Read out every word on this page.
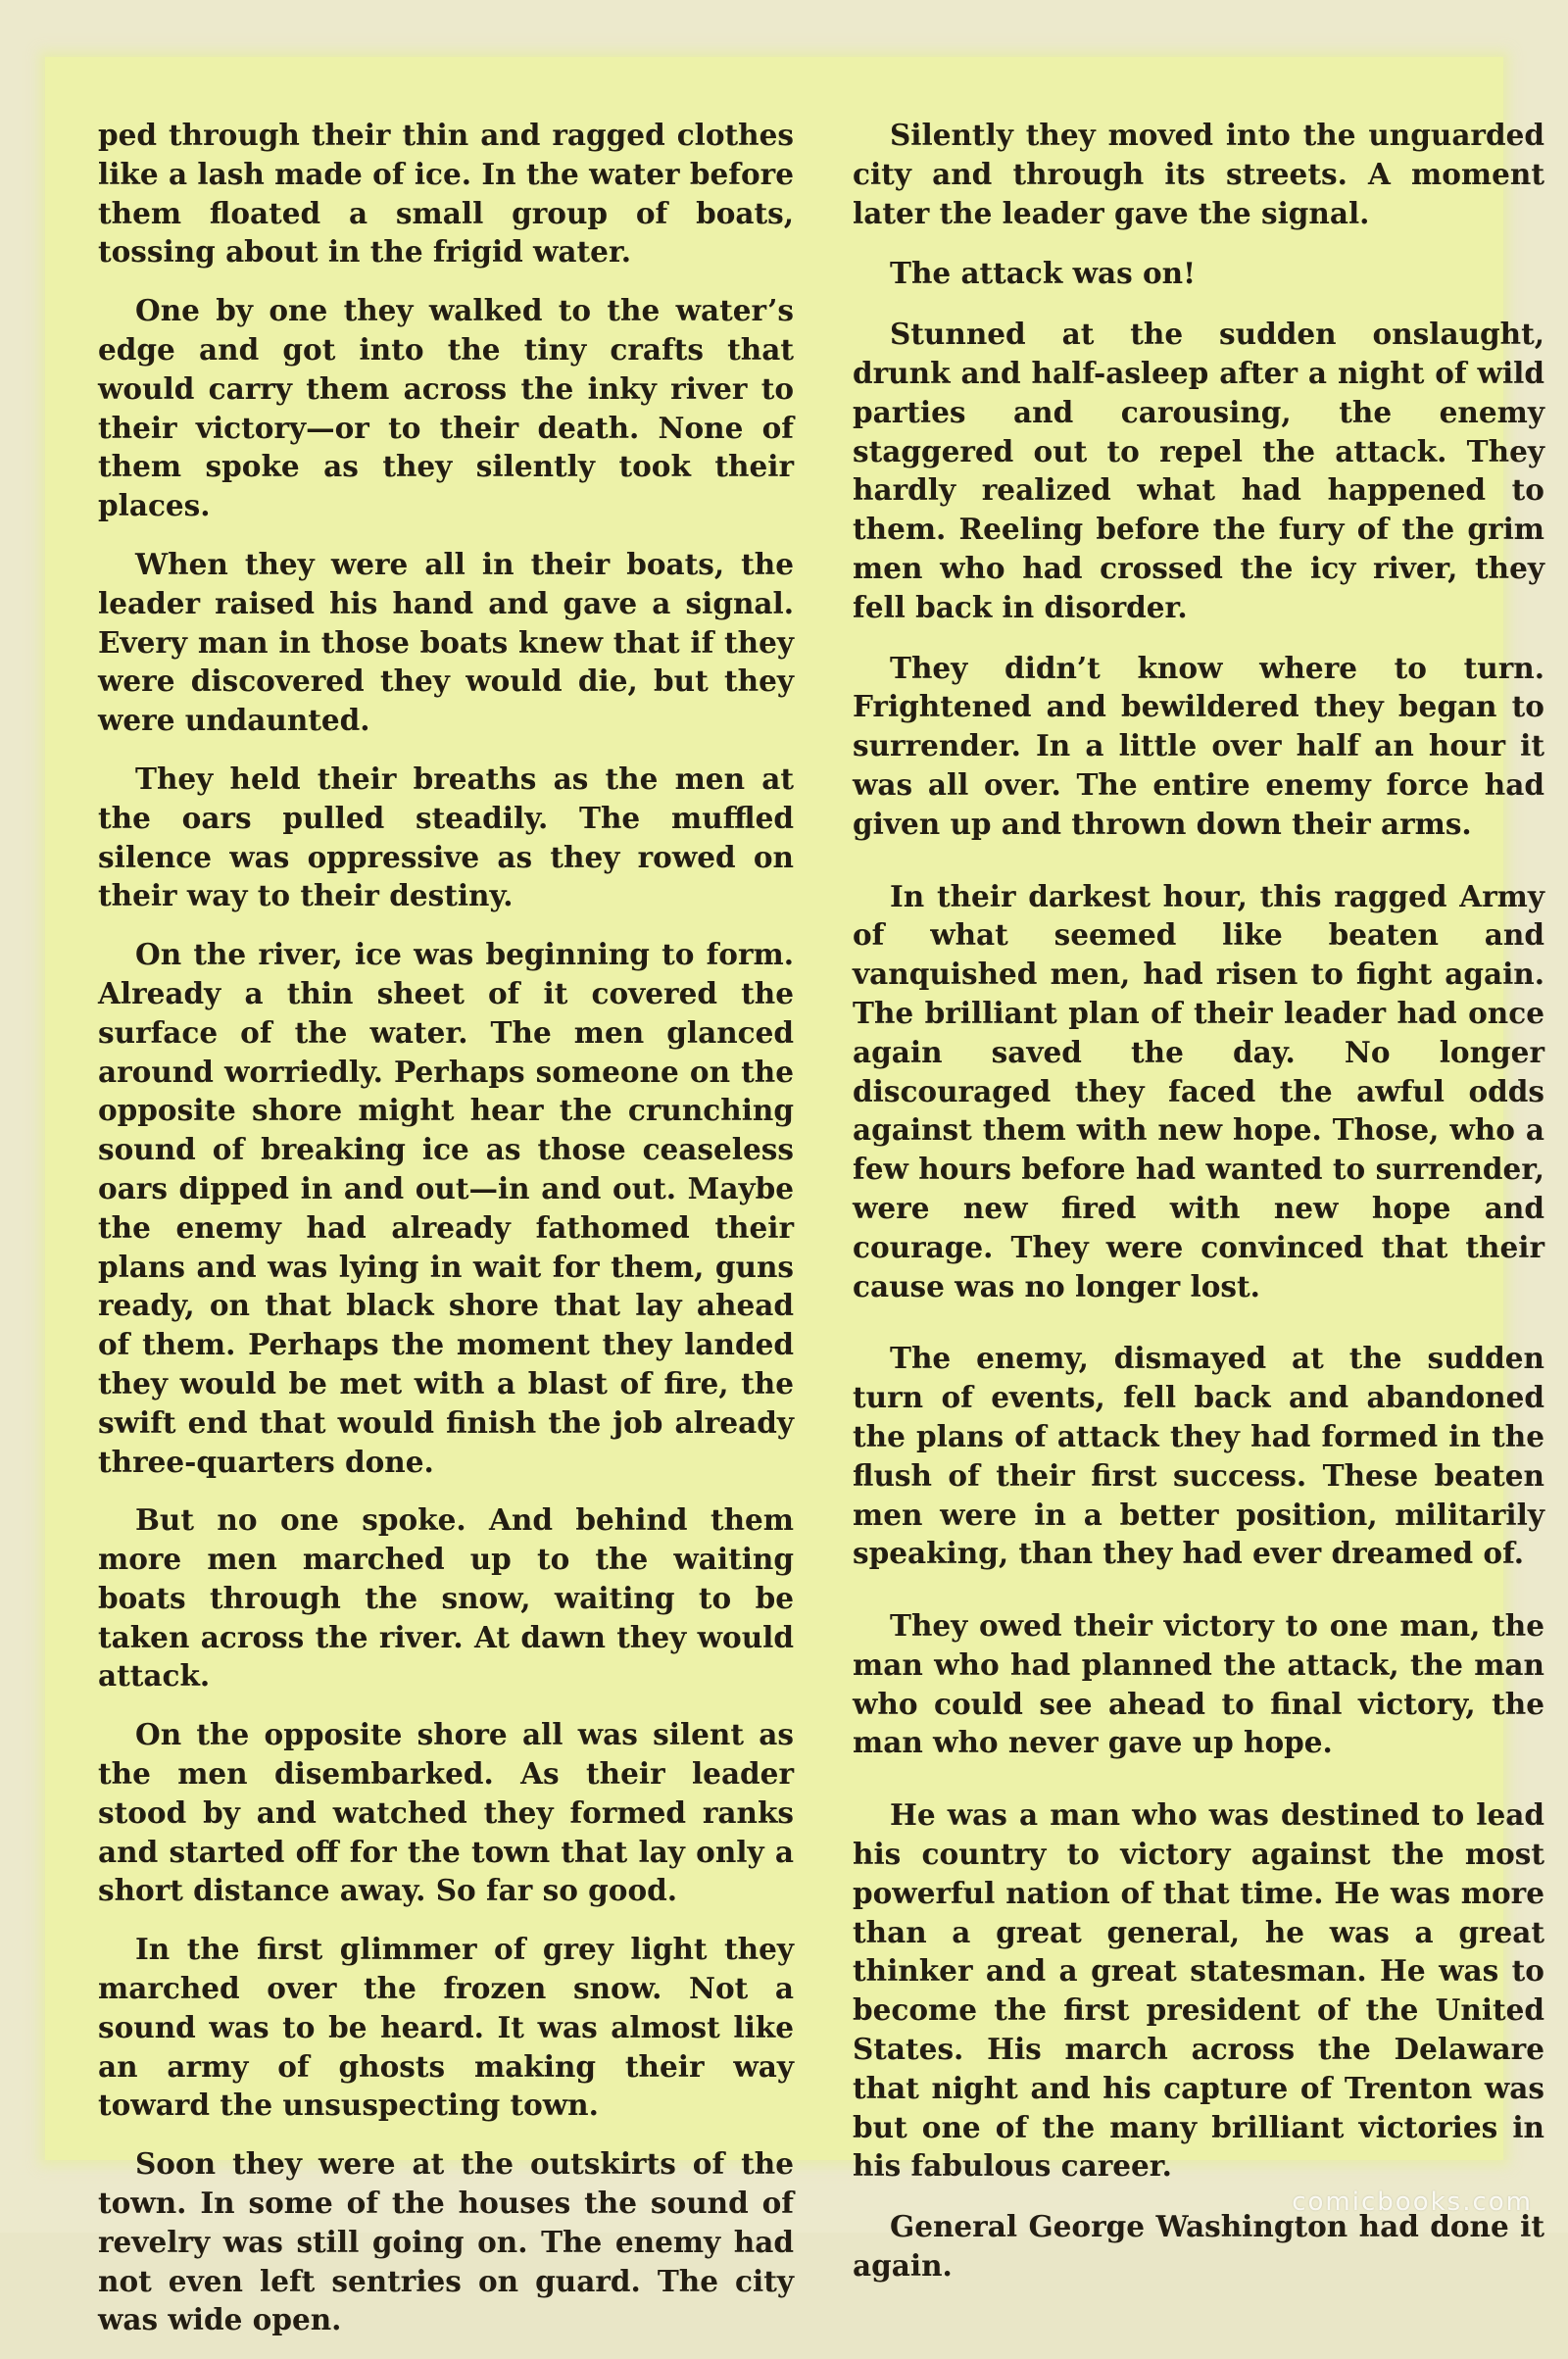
ped through their thin and ragged clothes like a lash made of ice. In the water before them floated a small group of boats, tossing about in the frigid water.

One by one they walked to the water’s edge and got into the tiny crafts that would carry them across the inky river to their victory—or to their death. None of them spoke as they silently took their places.

When they were all in their boats, the leader raised his hand and gave a signal. Every man in those boats knew that if they were discovered they would die, but they were undaunted.

They held their breaths as the men at the oars pulled steadily. The muffled silence was oppressive as they rowed on their way to their destiny.

On the river, ice was beginning to form. Already a thin sheet of it covered the surface of the water. The men glanced around worriedly. Perhaps someone on the opposite shore might hear the crunching sound of breaking ice as those ceaseless oars dipped in and out—in and out. Maybe the enemy had already fathomed their plans and was lying in wait for them, guns ready, on that black shore that lay ahead of them. Perhaps the moment they landed they would be met with a blast of fire, the swift end that would finish the job already three-quarters done.

But no one spoke. And behind them more men marched up to the waiting boats through the snow, waiting to be taken across the river. At dawn they would attack.

On the opposite shore all was silent as the men disembarked. As their leader stood by and watched they formed ranks and started off for the town that lay only a short distance away. So far so good.

In the first glimmer of grey light they marched over the frozen snow. Not a sound was to be heard. It was almost like an army of ghosts making their way toward the unsuspecting town.

Soon they were at the outskirts of the town. In some of the houses the sound of revelry was still going on. The enemy had not even left sentries on guard. The city was wide open.

Silently they moved into the unguarded city and through its streets. A moment later the leader gave the signal.

The attack was on!

Stunned at the sudden onslaught, drunk and half-asleep after a night of wild parties and carousing, the enemy staggered out to repel the attack. They hardly realized what had happened to them. Reeling before the fury of the grim men who had crossed the icy river, they fell back in disorder.

They didn’t know where to turn. Frightened and bewildered they began to surrender. In a little over half an hour it was all over. The entire enemy force had given up and thrown down their arms.

In their darkest hour, this ragged Army of what seemed like beaten and vanquished men, had risen to fight again. The brilliant plan of their leader had once again saved the day. No longer discouraged they faced the awful odds against them with new hope. Those, who a few hours before had wanted to surrender, were new fired with new hope and courage. They were convinced that their cause was no longer lost.

The enemy, dismayed at the sudden turn of events, fell back and abandoned the plans of attack they had formed in the flush of their first success. These beaten men were in a better position, militarily speaking, than they had ever dreamed of.

They owed their victory to one man, the man who had planned the attack, the man who could see ahead to final victory, the man who never gave up hope.

He was a man who was destined to lead his country to victory against the most powerful nation of that time. He was more than a great general, he was a great thinker and a great statesman. He was to become the first president of the United States. His march across the Delaware that night and his capture of Trenton was but one of the many brilliant victories in his fabulous career.

General George Washington had done it again.

comicbooks.com
